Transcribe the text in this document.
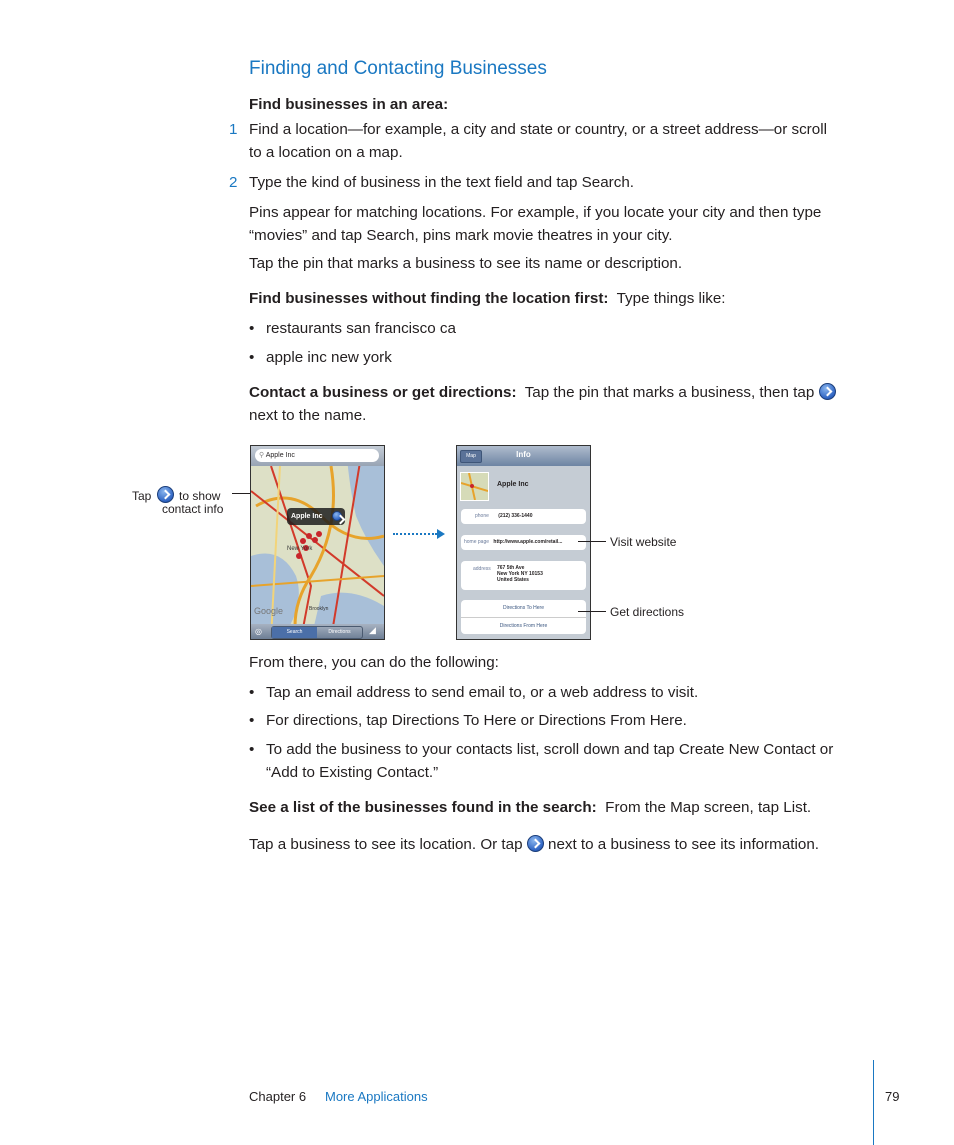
Finding and Contacting Businesses
Find businesses in an area:
1 Find a location—for example, a city and state or country, or a street address—or scroll
to a location on a map.
2 Type the kind of business in the text field and tap Search.
Pins appear for matching locations. For example, if you locate your city and then type
“movies” and tap Search, pins mark movie theatres in your city.
Tap the pin that marks a business to see its name or description.
Find businesses without finding the location first: Type things like:
• restaurants san francisco ca
• apple inc new york
Contact a business or get directions: Tap the pin that marks a business, then tap
next to the name.
Tap to show
contact info
⚲ Apple Inc
Apple Inc
New York
Brooklyn
Google
◎	Search	Directions	◢
Map	Info
Apple Inc
phone (212) 336-1440
home page http://www.apple.com/retail...
address 767 5th Ave
New York NY 10153
United States
Directions To Here
Directions From Here
Visit website
Get directions
From there, you can do the following:
• Tap an email address to send email to, or a web address to visit.
• For directions, tap Directions To Here or Directions From Here.
• To add the business to your contacts list, scroll down and tap Create New Contact or
“Add to Existing Contact.”
See a list of the businesses found in the search: From the Map screen, tap List.
Tap a business to see its location. Or tap next to a business to see its information.
Chapter 6 More Applications	79
